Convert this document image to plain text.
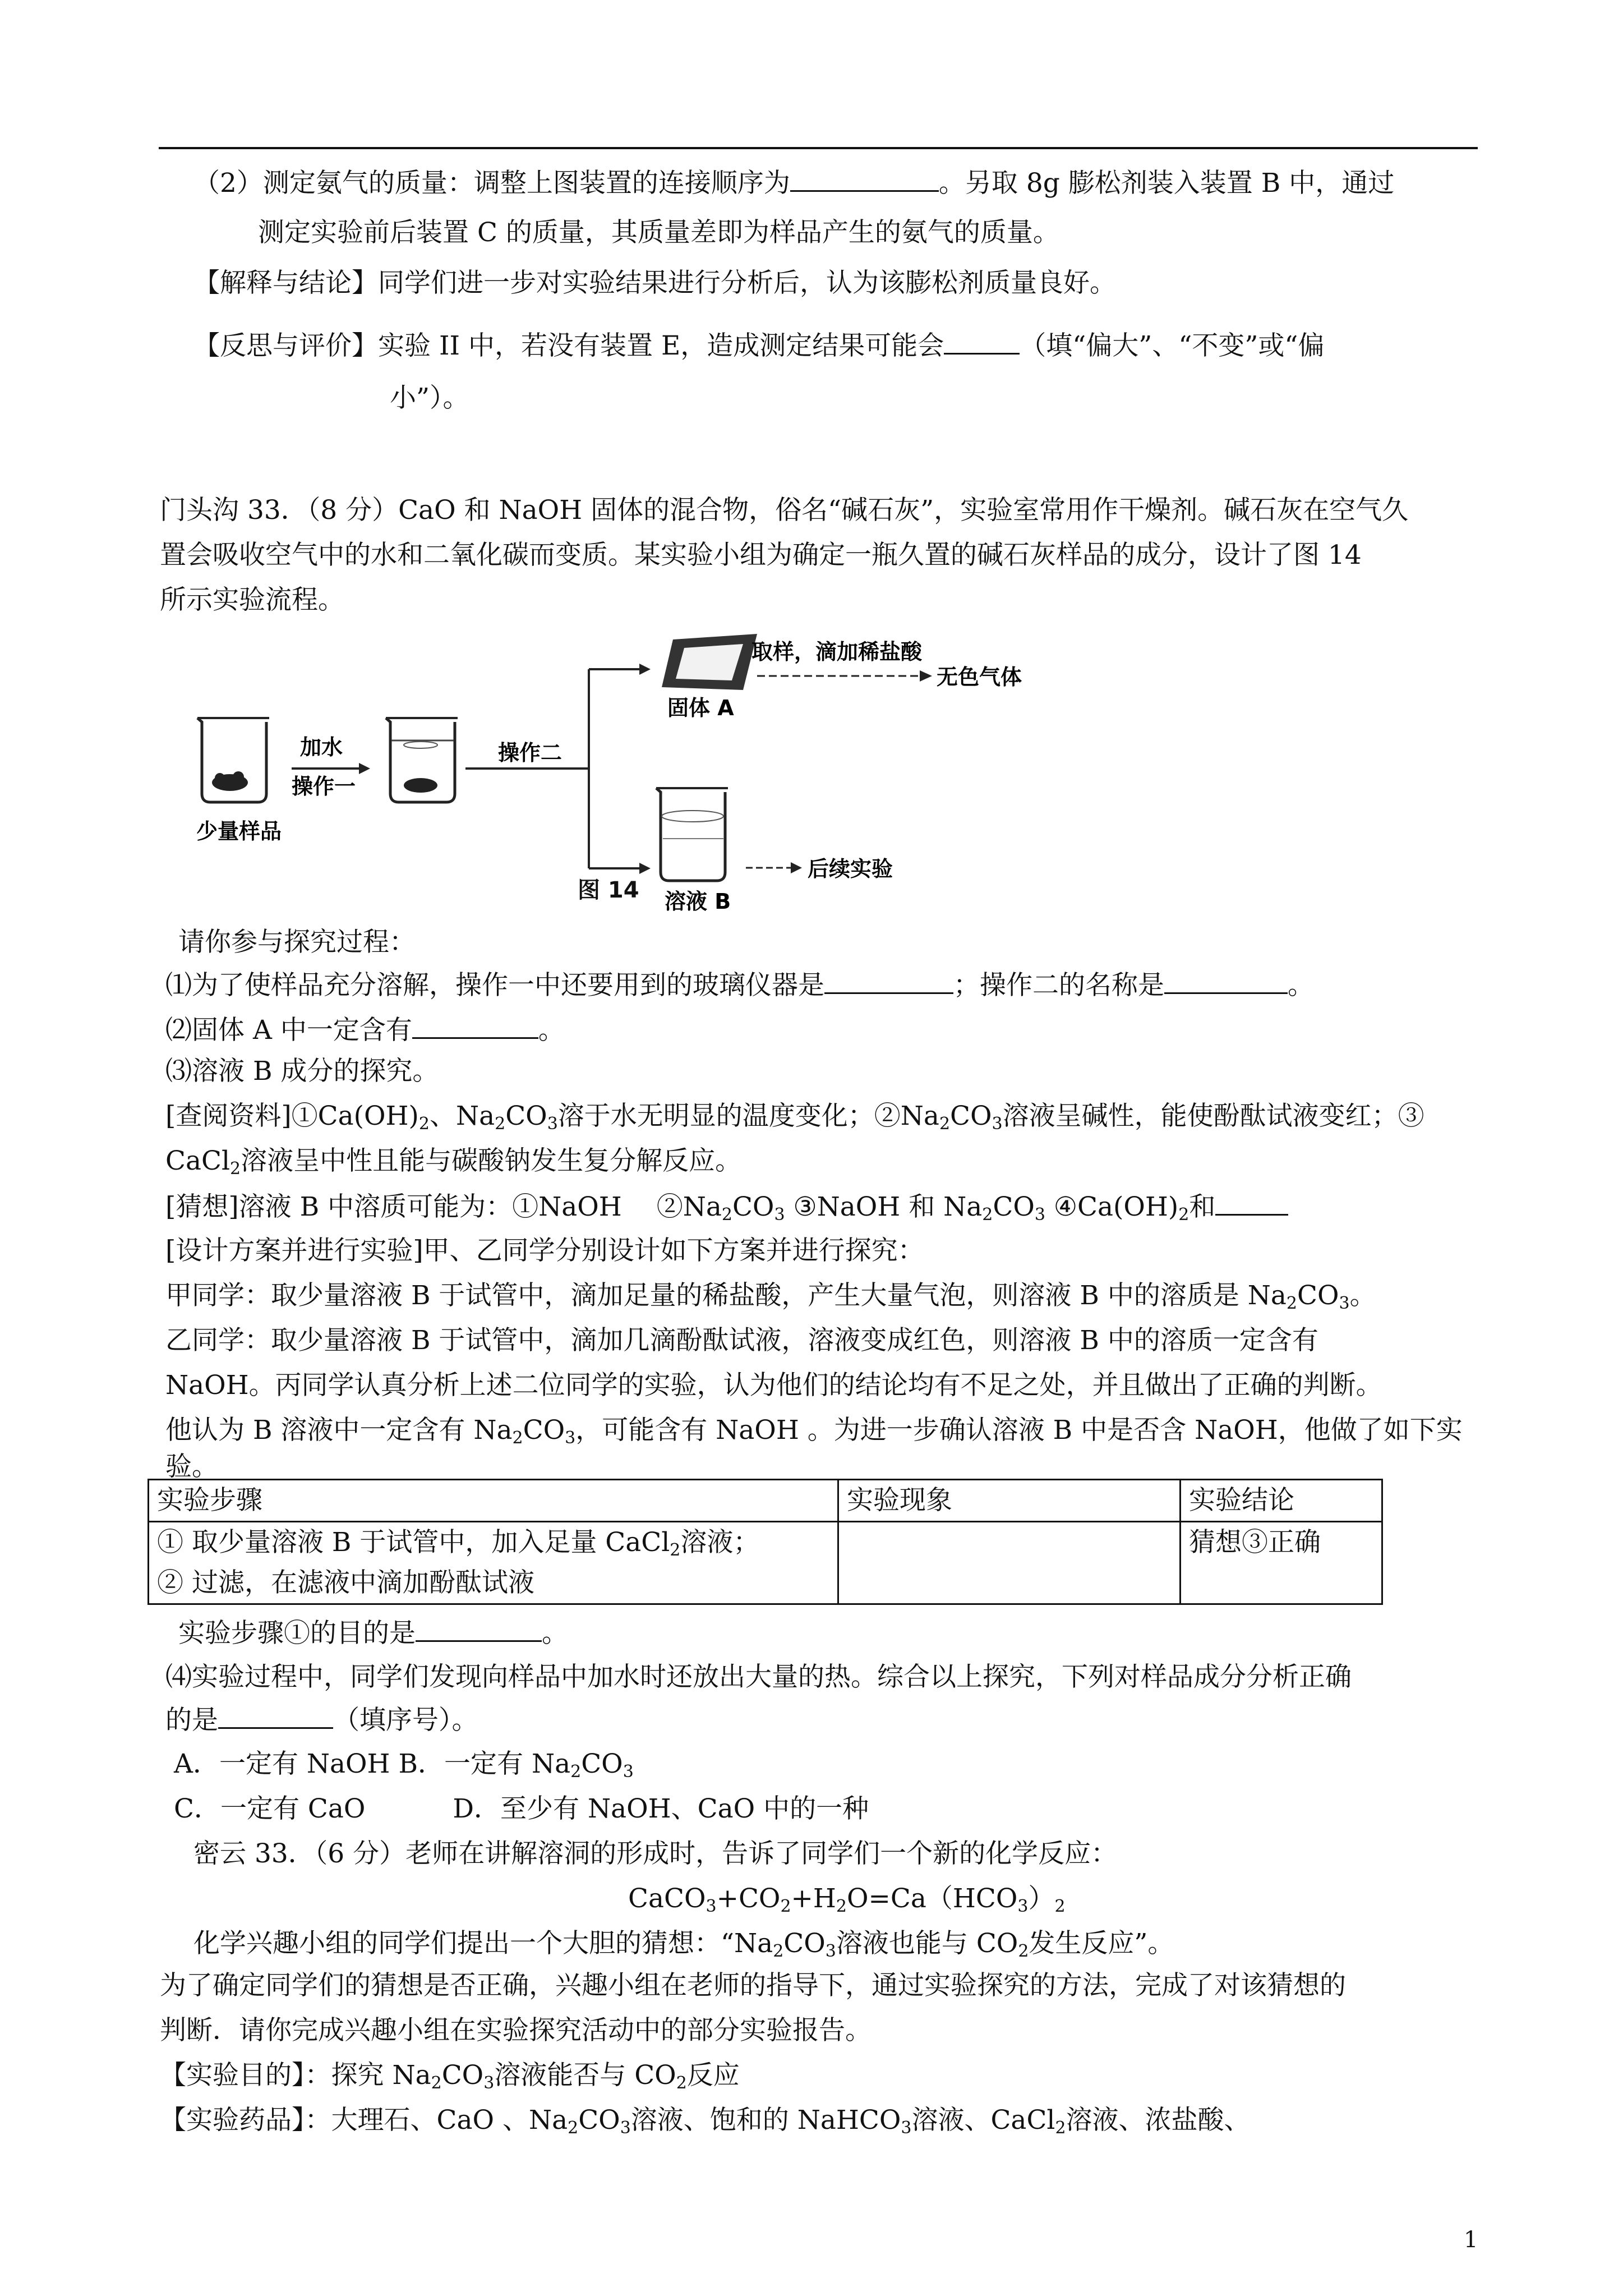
（2）测定氨气的质量：调整上图装置的连接顺序为	。另取 8g 膨松剂装入装置 B 中，通过
测定实验前后装置 C 的质量，其质量差即为样品产生的氨气的质量。
【解释与结论】同学们进一步对实验结果进行分析后，认为该膨松剂质量良好。
【反思与评价】实验 II 中，若没有装置 E，造成测定结果可能会	（填“偏大”、“不变”或“偏
小”）。
门头沟 33．（8 分）CaO 和 NaOH 固体的混合物，俗名“碱石灰”，实验室常用作干燥剂。碱石灰在空气久
置会吸收空气中的水和二氧化碳而变质。某实验小组为确定一瓶久置的碱石灰样品的成分，设计了图 14
所示实验流程。
少量样品
加水
操作一
操作二
固体 A
取样，滴加稀盐酸
无色气体
溶液 B
后续实验
图 14
请你参与探究过程：
⑴为了使样品充分溶解，操作一中还要用到的玻璃仪器是	；操作二的名称是	。
⑵固体 A 中一定含有	。
⑶溶液 B 成分的探究。
[查阅资料]$①Ca(OH)_2$、$Na_2CO_3$溶于水无明显的温度变化；$②Na_2CO_3$溶液呈碱性，能使酚酞试液变红；③
CaCl$_2$溶液呈中性且能与碳酸钠发生复分解反应。
[猜想]溶液 B 中溶质可能为：①NaOH　 $②Na_2CO_3$ ③NaOH 和 $Na_2CO_3$ $④Ca(OH)_2$和
[设计方案并进行实验]甲、乙同学分别设计如下方案并进行探究：
甲同学：取少量溶液 B 于试管中，滴加足量的稀盐酸，产生大量气泡，则溶液 B 中的溶质是 $Na_2CO_3$。
乙同学：取少量溶液 B 于试管中，滴加几滴酚酞试液，溶液变成红色，则溶液 B 中的溶质一定含有
NaOH。丙同学认真分析上述二位同学的实验，认为他们的结论均有不足之处，并且做出了正确的判断。
他认为 B 溶液中一定含有 $Na_2CO_3$，可能含有 NaOH 。为进一步确认溶液 B 中是否含 NaOH，他做了如下实
验。
实验步骤	实验现象	实验结论

① 取少量溶液 B 于试管中，加入足量 CaCl$_2$溶液；
② 过滤，在滤液中滴加酚酞试液		猜想③正确
实验步骤①的目的是	。
⑷实验过程中，同学们发现向样品中加水时还放出大量的热。综合以上探究，下列对样品成分分析正确
的是	（填序号）。
A．一定有 NaOH B．一定有 $Na_2CO_3$
C．一定有 CaO　　　 D．至少有 NaOH、CaO 中的一种
密云 33．（6 分）老师在讲解溶洞的形成时，告诉了同学们一个新的化学反应：
$CaCO_3+CO_2+H_2O=Ca(HCO_3)_2$
化学兴趣小组的同学们提出一个大胆的猜想：“$Na_2CO_3$溶液也能与 $CO_2$发生反应”。
为了确定同学们的猜想是否正确，兴趣小组在老师的指导下，通过实验探究的方法，完成了对该猜想的
判断．请你完成兴趣小组在实验探究活动中的部分实验报告。
【实验目的】：探究 $Na_2CO_3$溶液能否与 $CO_2$反应
【实验药品】：大理石、CaO 、$Na_2CO_3$溶液、饱和的 NaHCO$_3$溶液、CaCl$_2$溶液、浓盐酸、
1
